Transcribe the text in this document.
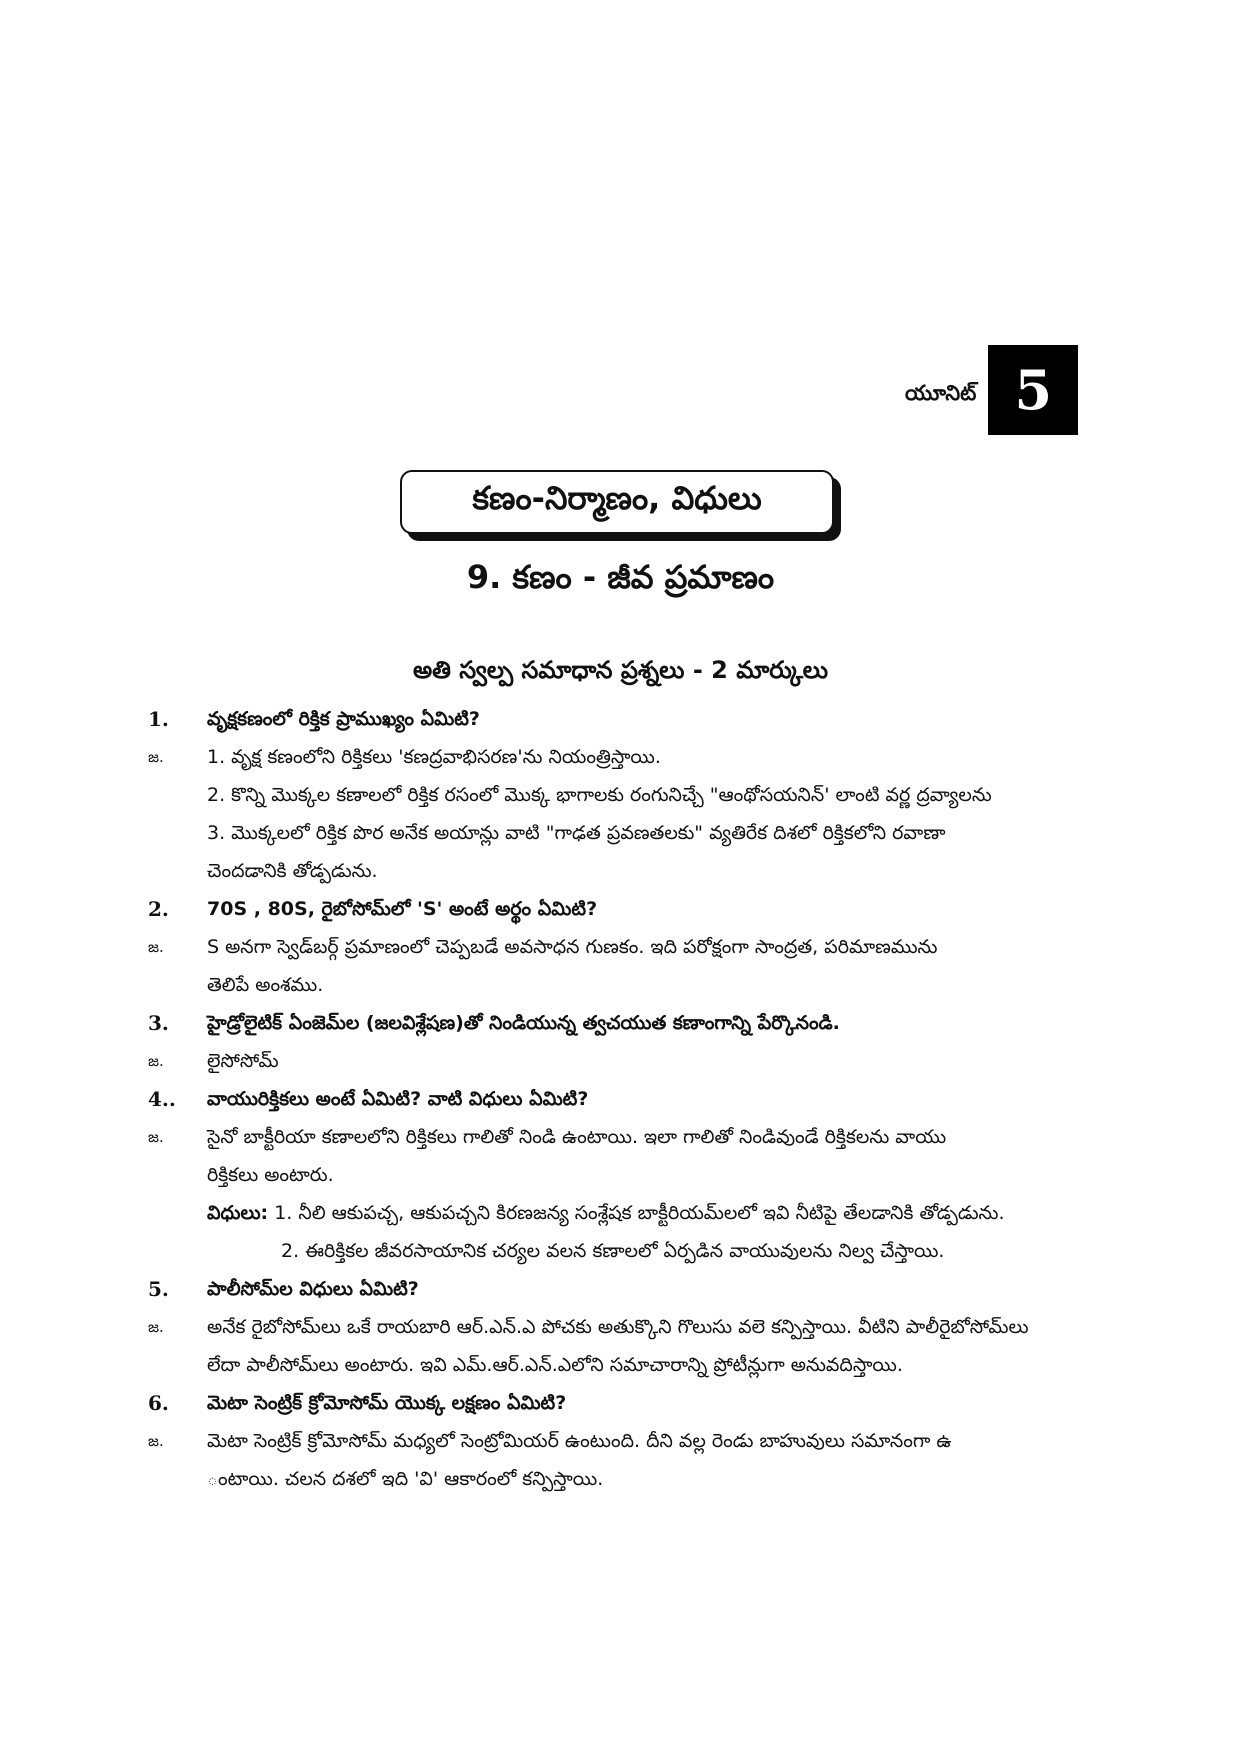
యూనిట్ 5
కణం-నిర్మాణం, విధులు
9. కణం - జీవ ప్రమాణం
అతి స్వల్ప సమాధాన ప్రశ్నలు - 2 మార్కులు
1.	వృక్షకణంలో రిక్తిక ప్రాముఖ్యం ఏమిటి?
జ.	1. వృక్ష కణంలోని రిక్తికలు 'కణద్రవాభిసరణ'ను నియంత్రిస్తాయి.
2. కొన్ని మొక్కల కణాలలో రిక్తిక రసంలో మొక్క భాగాలకు రంగునిచ్చే "ఆంథోసయనిన్' లాంటి వర్ణ ద్రవ్యాలను
3. మొక్కలలో రిక్తిక పొర అనేక అయాన్లు వాటి "గాఢత ప్రవణతలకు" వ్యతిరేక దిశలో రిక్తికలోని రవాణా
చెందడానికి తోడ్పడును.
2.	70S , 80S, రైబోసోమ్‌లో 'S' అంటే అర్థం ఏమిటి?
జ.	S అనగా స్వెడ్‌బర్గ్ ప్రమాణంలో చెప్పబడే అవసాధన గుణకం. ఇది పరోక్షంగా సాంద్రత, పరిమాణమును
తెలిపే అంశము.
3.	హైడ్రోలైటిక్ ఏంజెమ్‌ల (జలవిశ్లేషణ)తో నిండియున్న త్వచయుత కణాంగాన్ని పేర్కొనండి.
జ.	లైసోసోమ్
4..	వాయురిక్తికలు అంటే ఏమిటి? వాటి విధులు ఏమిటి?
జ.	సైనో బాక్టీరియా కణాలలోని రిక్తికలు గాలితో నిండి ఉంటాయి. ఇలా గాలితో నిండివుండే రిక్తికలను వాయు
రిక్తికలు అంటారు.
విధులు: 1. నీలి ఆకుపచ్చ, ఆకుపచ్చని కిరణజన్య సంశ్లేషక బాక్టీరియమ్‌లలో ఇవి నీటిపై తేలడానికి తోడ్పడును.
2. ఈరిక్తికల జీవరసాయానిక చర్యల వలన కణాలలో ఏర్పడిన వాయువులను నిల్వ చేస్తాయి.
5.	పాలీసోమ్‌ల విధులు ఏమిటి?
జ.	అనేక రైబోసోమ్‌లు ఒకే రాయబారి ఆర్.ఎన్.ఎ పోచకు అతుక్కొని గొలుసు వలె కన్పిస్తాయి. వీటిని పాలీరైబోసోమ్‌లు
లేదా పాలీసోమ్‌లు అంటారు. ఇవి ఎమ్.ఆర్.ఎన్.ఎలోని సమాచారాన్ని ప్రోటీన్లుగా అనువదిస్తాయి.
6.	మెటా సెంట్రిక్ క్రోమోసోమ్ యొక్క లక్షణం ఏమిటి?
జ.	మెటా సెంట్రిక్ క్రోమోసోమ్ మధ్యలో సెంట్రోమియర్ ఉంటుంది. దీని వల్ల రెండు బాహువులు సమానంగా ఉ
ంటాయి. చలన దశలో ఇది 'వి' ఆకారంలో కన్పిస్తాయి.
